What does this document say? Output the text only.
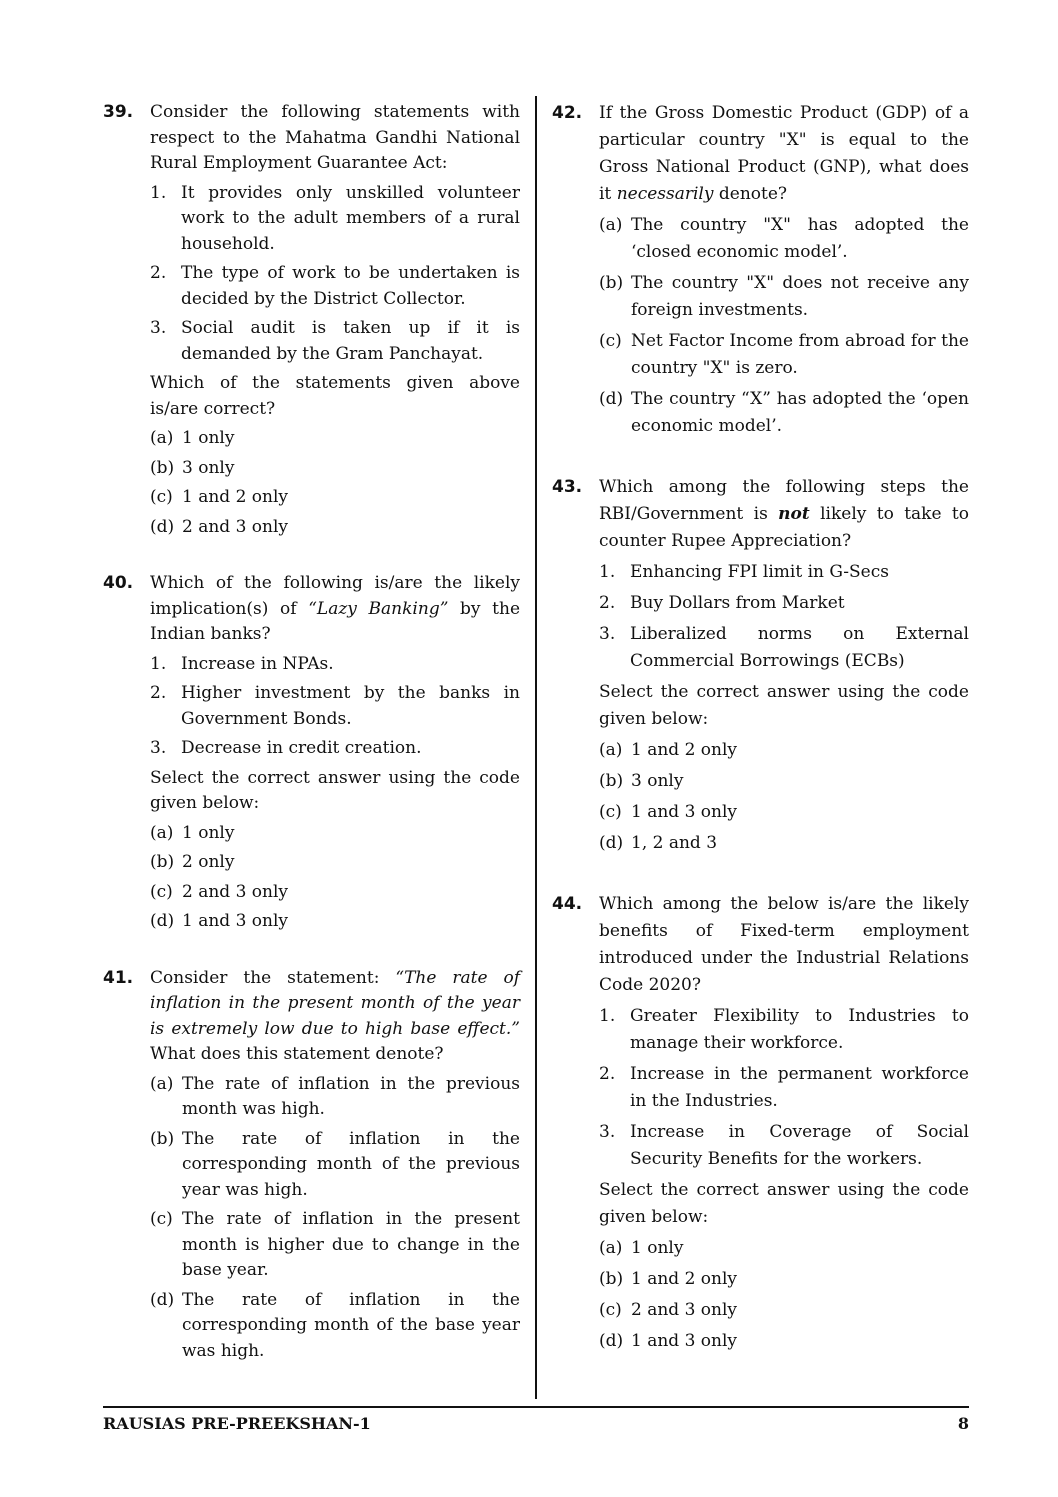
39. Consider the following statements with respect to the Mahatma Gandhi National Rural Employment Guarantee Act:
1. It provides only unskilled volunteer work to the adult members of a rural household.
2. The type of work to be undertaken is decided by the District Collector.
3. Social audit is taken up if it is demanded by the Gram Panchayat.
Which of the statements given above is/are correct?
(a) 1 only
(b) 3 only
(c) 1 and 2 only
(d) 2 and 3 only
40. Which of the following is/are the likely implication(s) of “Lazy Banking” by the Indian banks?
1. Increase in NPAs.
2. Higher investment by the banks in Government Bonds.
3. Decrease in credit creation.
Select the correct answer using the code given below:
(a) 1 only
(b) 2 only
(c) 2 and 3 only
(d) 1 and 3 only
41. Consider the statement: “The rate of inflation in the present month of the year is extremely low due to high base effect.” What does this statement denote?
(a) The rate of inflation in the previous month was high.
(b) The rate of inflation in the corresponding month of the previous year was high.
(c) The rate of inflation in the present month is higher due to change in the base year.
(d) The rate of inflation in the corresponding month of the base year was high.
42. If the Gross Domestic Product (GDP) of a particular country "X" is equal to the Gross National Product (GNP), what does it necessarily denote?
(a) The country "X" has adopted the ‘closed economic model’.
(b) The country "X" does not receive any foreign investments.
(c) Net Factor Income from abroad for the country "X" is zero.
(d) The country “X” has adopted the ‘open economic model’.
43. Which among the following steps the RBI/Government is not likely to take to counter Rupee Appreciation?
1. Enhancing FPI limit in G-Secs
2. Buy Dollars from Market
3. Liberalized norms on External Commercial Borrowings (ECBs)
Select the correct answer using the code given below:
(a) 1 and 2 only
(b) 3 only
(c) 1 and 3 only
(d) 1, 2 and 3
44. Which among the below is/are the likely benefits of Fixed-term employment introduced under the Industrial Relations Code 2020?
1. Greater Flexibility to Industries to manage their workforce.
2. Increase in the permanent workforce in the Industries.
3. Increase in Coverage of Social Security Benefits for the workers.
Select the correct answer using the code given below:
(a) 1 only
(b) 1 and 2 only
(c) 2 and 3 only
(d) 1 and 3 only
RAUSIAS PRE-PREEKSHAN-1	8
